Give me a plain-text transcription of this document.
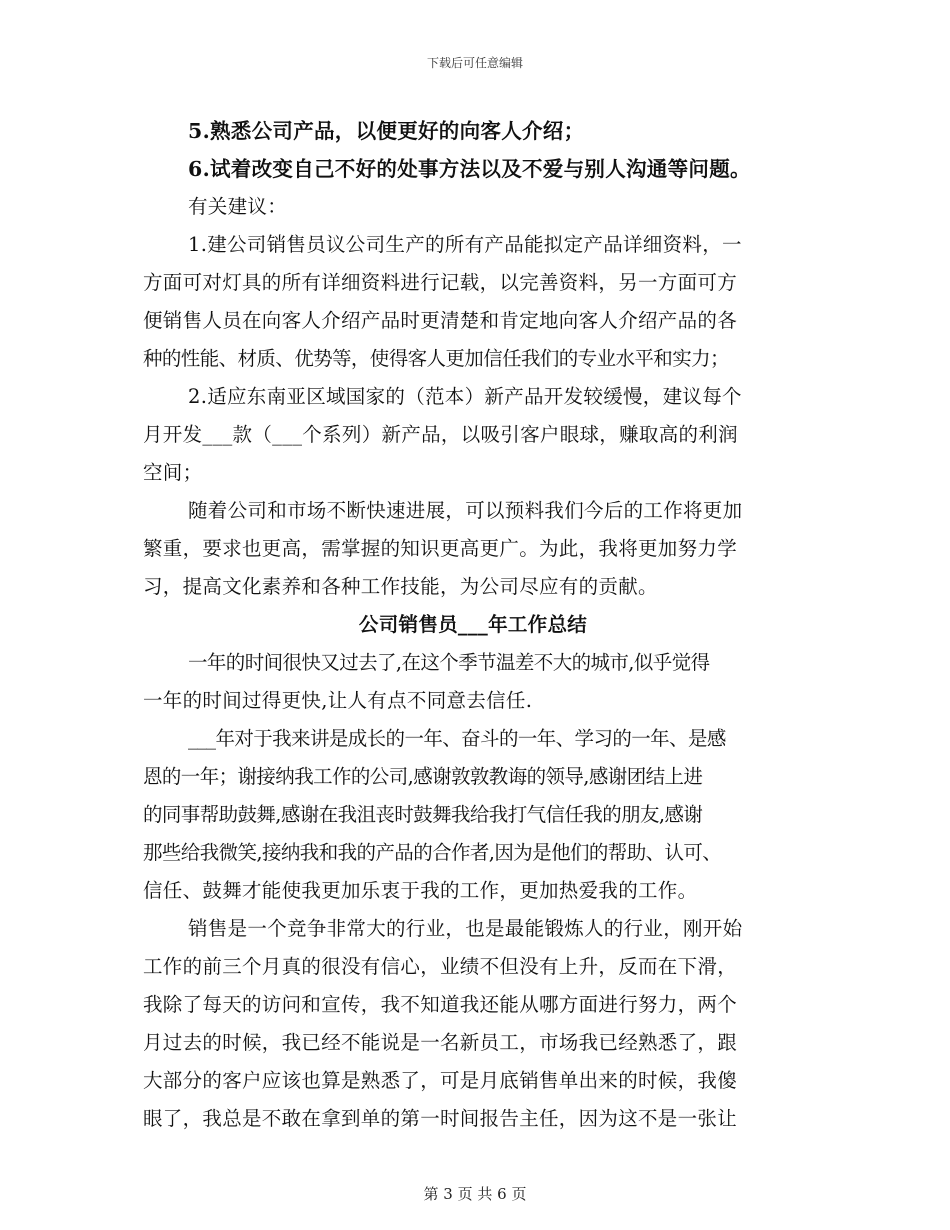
下载后可任意编辑
5.熟悉公司产品，以便更好的向客人介绍；
6.试着改变自己不好的处事方法以及不爱与别人沟通等问题。
有关建议：
1.建公司销售员议公司生产的所有产品能拟定产品详细资料，一
方面可对灯具的所有详细资料进行记载，以完善资料，另一方面可方
便销售人员在向客人介绍产品时更清楚和肯定地向客人介绍产品的各
种的性能、材质、优势等，使得客人更加信任我们的专业水平和实力；
2.适应东南亚区域国家的（范本）新产品开发较缓慢，建议每个
月开发___款（___个系列）新产品，以吸引客户眼球，赚取高的利润
空间；
随着公司和市场不断快速进展，可以预料我们今后的工作将更加
繁重，要求也更高，需掌握的知识更高更广。为此，我将更加努力学
习，提高文化素养和各种工作技能，为公司尽应有的贡献。
公司销售员___年工作总结
一年的时间很快又过去了,在这个季节温差不大的城市,似乎觉得
一年的时间过得更快,让人有点不同意去信任.
___年对于我来讲是成长的一年、奋斗的一年、学习的一年、是感
恩的一年；谢接纳我工作的公司,感谢敦敦教诲的领导,感谢团结上进
的同事帮助鼓舞,感谢在我沮丧时鼓舞我给我打气信任我的朋友,感谢
那些给我微笑,接纳我和我的产品的合作者,因为是他们的帮助、认可、
信任、鼓舞才能使我更加乐衷于我的工作，更加热爱我的工作。
销售是一个竞争非常大的行业，也是最能锻炼人的行业，刚开始
工作的前三个月真的很没有信心，业绩不但没有上升，反而在下滑，
我除了每天的访问和宣传，我不知道我还能从哪方面进行努力，两个
月过去的时候，我已经不能说是一名新员工，市场我已经熟悉了，跟
大部分的客户应该也算是熟悉了，可是月底销售单出来的时候，我傻
眼了，我总是不敢在拿到单的第一时间报告主任，因为这不是一张让
第 3 页 共 6 页
